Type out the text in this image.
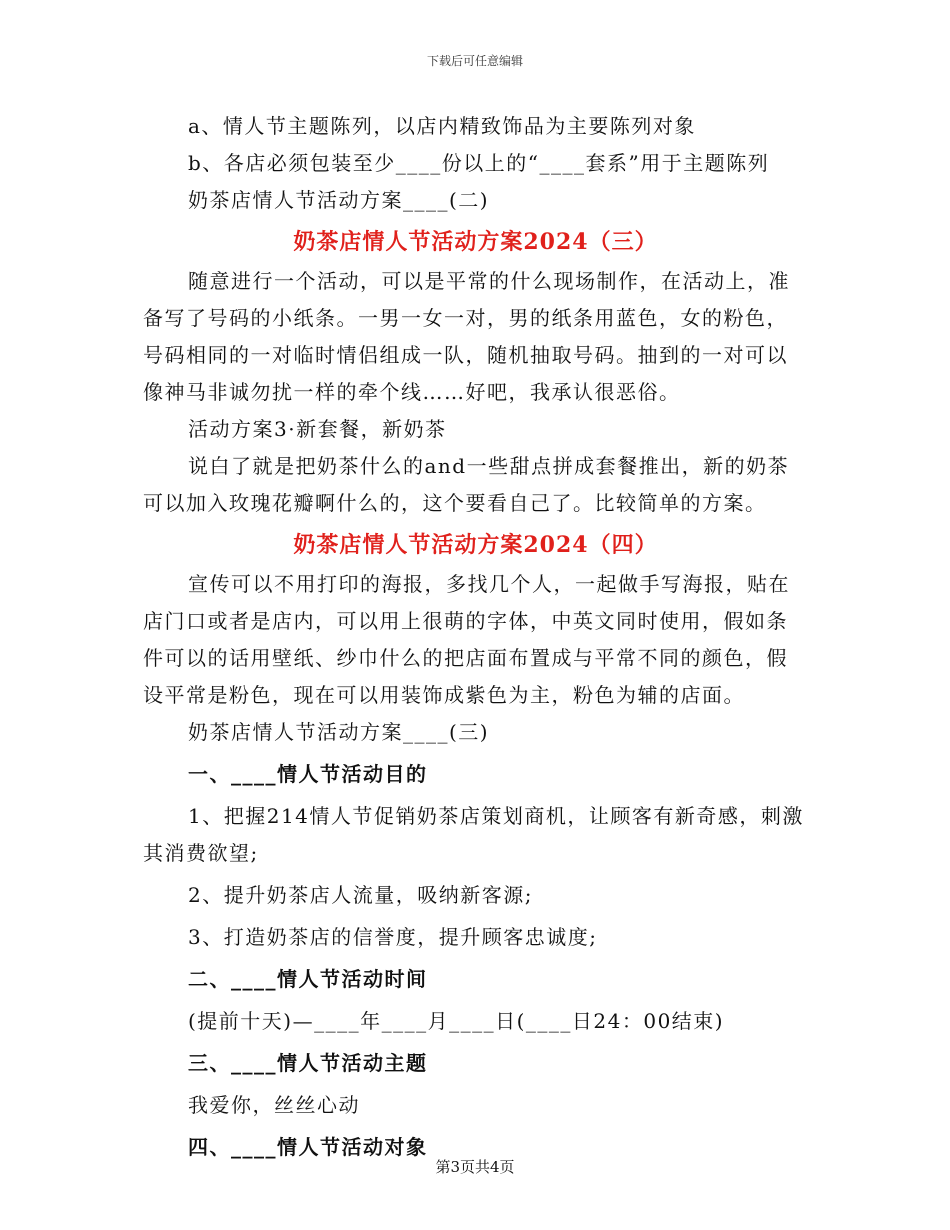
下载后可任意编辑

a、情人节主题陈列，以店内精致饰品为主要陈列对象

b、各店必须包装至少____份以上的“____套系”用于主题陈列

奶茶店情人节活动方案____(二)

奶茶店情人节活动方案2024（三）

随意进行一个活动，可以是平常的什么现场制作，在活动上，准备写了号码的小纸条。一男一女一对，男的纸条用蓝色，女的粉色，号码相同的一对临时情侣组成一队，随机抽取号码。抽到的一对可以像神马非诚勿扰一样的牵个线……好吧，我承认很恶俗。

活动方案3·新套餐，新奶茶

说白了就是把奶茶什么的and一些甜点拼成套餐推出，新的奶茶可以加入玫瑰花瓣啊什么的，这个要看自己了。比较简单的方案。

奶茶店情人节活动方案2024（四）

宣传可以不用打印的海报，多找几个人，一起做手写海报，贴在店门口或者是店内，可以用上很萌的字体，中英文同时使用，假如条件可以的话用壁纸、纱巾什么的把店面布置成与平常不同的颜色，假设平常是粉色，现在可以用装饰成紫色为主，粉色为辅的店面。

奶茶店情人节活动方案____(三)

一、____情人节活动目的

1、把握214情人节促销奶茶店策划商机，让顾客有新奇感，刺激其消费欲望;

2、提升奶茶店人流量，吸纳新客源;

3、打造奶茶店的信誉度，提升顾客忠诚度;

二、____情人节活动时间

(提前十天)—____年____月____日(____日24：00结束)

三、____情人节活动主题

我爱你，丝丝心动

四、____情人节活动对象

第3页共4页
